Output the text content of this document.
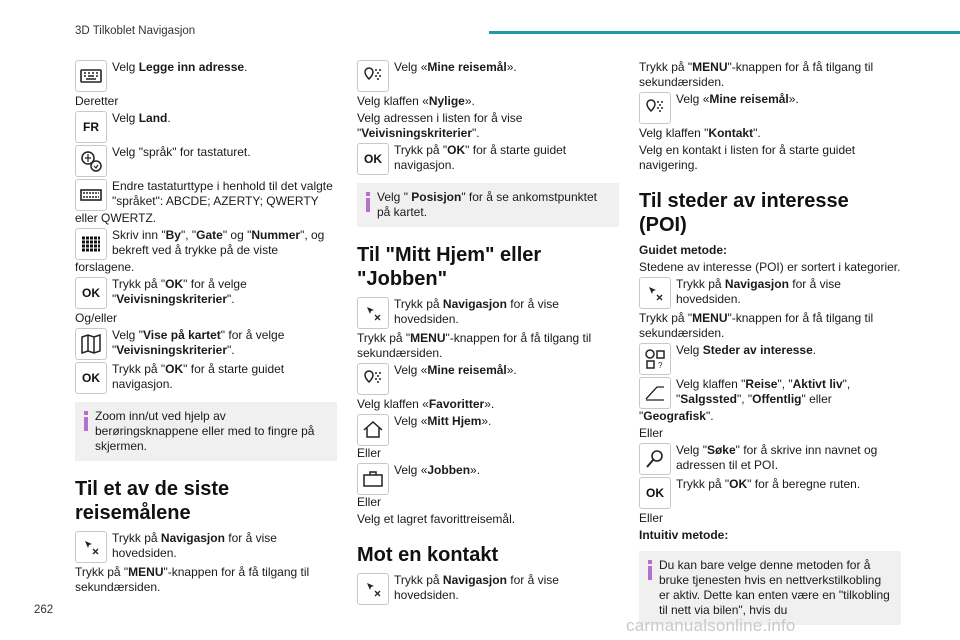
3D Tilkoblet Navigasjon
Velg Legge inn adresse.
Deretter
FR
Velg Land.
Velg "språk" for tastaturet.
Endre tastaturttype i henhold til det valgte "språket": ABCDE; AZERTY; QWERTY
eller QWERTZ.
Skriv inn "By", "Gate" og "Nummer", og bekreft ved å trykke på de viste
forslagene.
OK
Trykk på "OK" for å velge "Veivisningskriterier".
Og/eller
Velg "Vise på kartet" for å velge "Veivisningskriterier".
OK
Trykk på "OK" for å starte guidet navigasjon.
Zoom inn/ut ved hjelp av berøringsknappene eller med to fingre på skjermen.
Til et av de siste reisemålene
Trykk på Navigasjon for å vise hovedsiden.
Trykk på "MENU"-knappen for å få tilgang til sekundærsiden.
Velg «Mine reisemål».
Velg klaffen «Nylige».
Velg adressen i listen for å vise "Veivisningskriterier".
OK
Trykk på "OK" for å starte guidet navigasjon.
Velg " Posisjon" for å se ankomstpunktet på kartet.
Til "Mitt Hjem" eller "Jobben"
Trykk på Navigasjon for å vise hovedsiden.
Trykk på "MENU"-knappen for å få tilgang til sekundærsiden.
Velg «Mine reisemål».
Velg klaffen «Favoritter».
Velg «Mitt Hjem».
Eller
Velg «Jobben».
Eller
Velg et lagret favorittreisemål.
Mot en kontakt
Trykk på Navigasjon for å vise hovedsiden.
Trykk på "MENU"-knappen for å få tilgang til sekundærsiden.
Velg «Mine reisemål».
Velg klaffen "Kontakt".
Velg en kontakt i listen for å starte guidet navigering.
Til steder av interesse (POI)
Guidet metode:
Stedene av interesse (POI) er sortert i kategorier.
Trykk på Navigasjon for å vise hovedsiden.
Trykk på "MENU"-knappen for å få tilgang til sekundærsiden.
?
Velg Steder av interesse.
Velg klaffen "Reise", "Aktivt liv", "Salgssted", "Offentlig" eller
"Geografisk".
Eller
Velg "Søke" for å skrive inn navnet og adressen til et POI.
OK
Trykk på "OK" for å beregne ruten.
Eller
Intuitiv metode:
Du kan bare velge denne metoden for å bruke tjenesten hvis en nettverkstilkobling er aktiv. Dette kan enten være en "tilkobling til nett via bilen", hvis du
262
carmanualsonline.info
